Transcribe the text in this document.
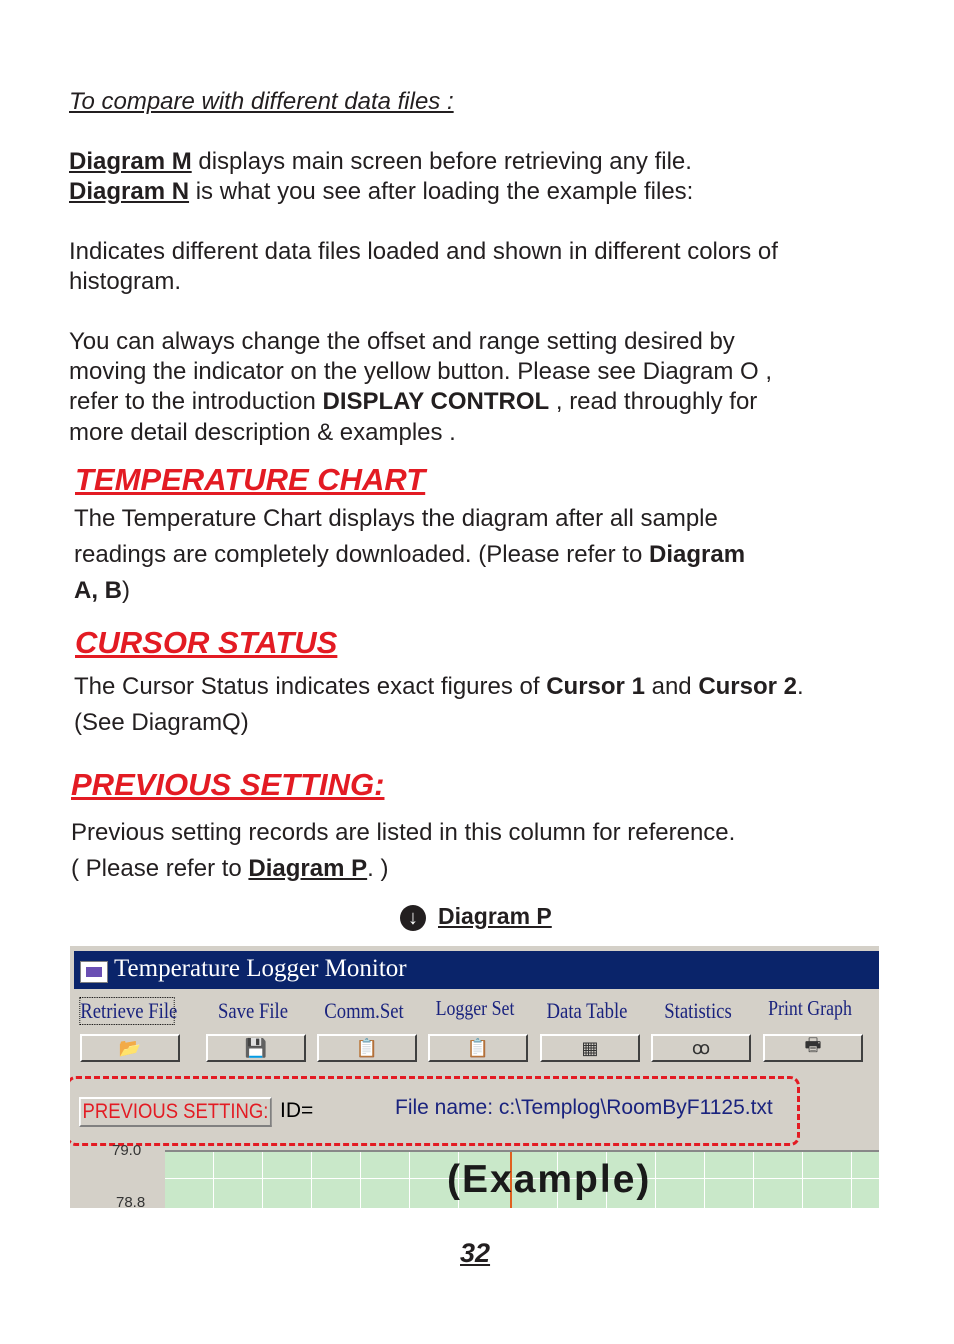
To compare with different data files :
Diagram M displays main screen before retrieving any file.
Diagram N is what you see after loading the example files:
Indicates different data files loaded and shown in different colors of
histogram.
You can always change the offset and range setting desired by
moving the indicator on the yellow button. Please see Diagram O ,
refer to the introduction DISPLAY CONTROL , read throughly for
more detail description & examples .
TEMPERATURE CHART
The Temperature Chart displays the diagram after all sample
readings are completely downloaded. (Please refer to Diagram
A, B)
CURSOR STATUS
The Cursor Status indicates exact figures of Cursor 1 and Cursor 2.
(See DiagramQ)
PREVIOUS SETTING:
Previous setting records are listed in this column for reference.
( Please refer to Diagram P. )
↓ Diagram P
Temperature Logger Monitor
Retrieve File
📂
Save File
💾
Comm.Set
📋
Logger Set
📋
Data Table
▦
Statistics
ꝏ
Print Graph
🖶
PREVIOUS SETTING: ID=	File name: c:\Templog\RoomByF1125.txt
79.0
78.8
(Example)
32
